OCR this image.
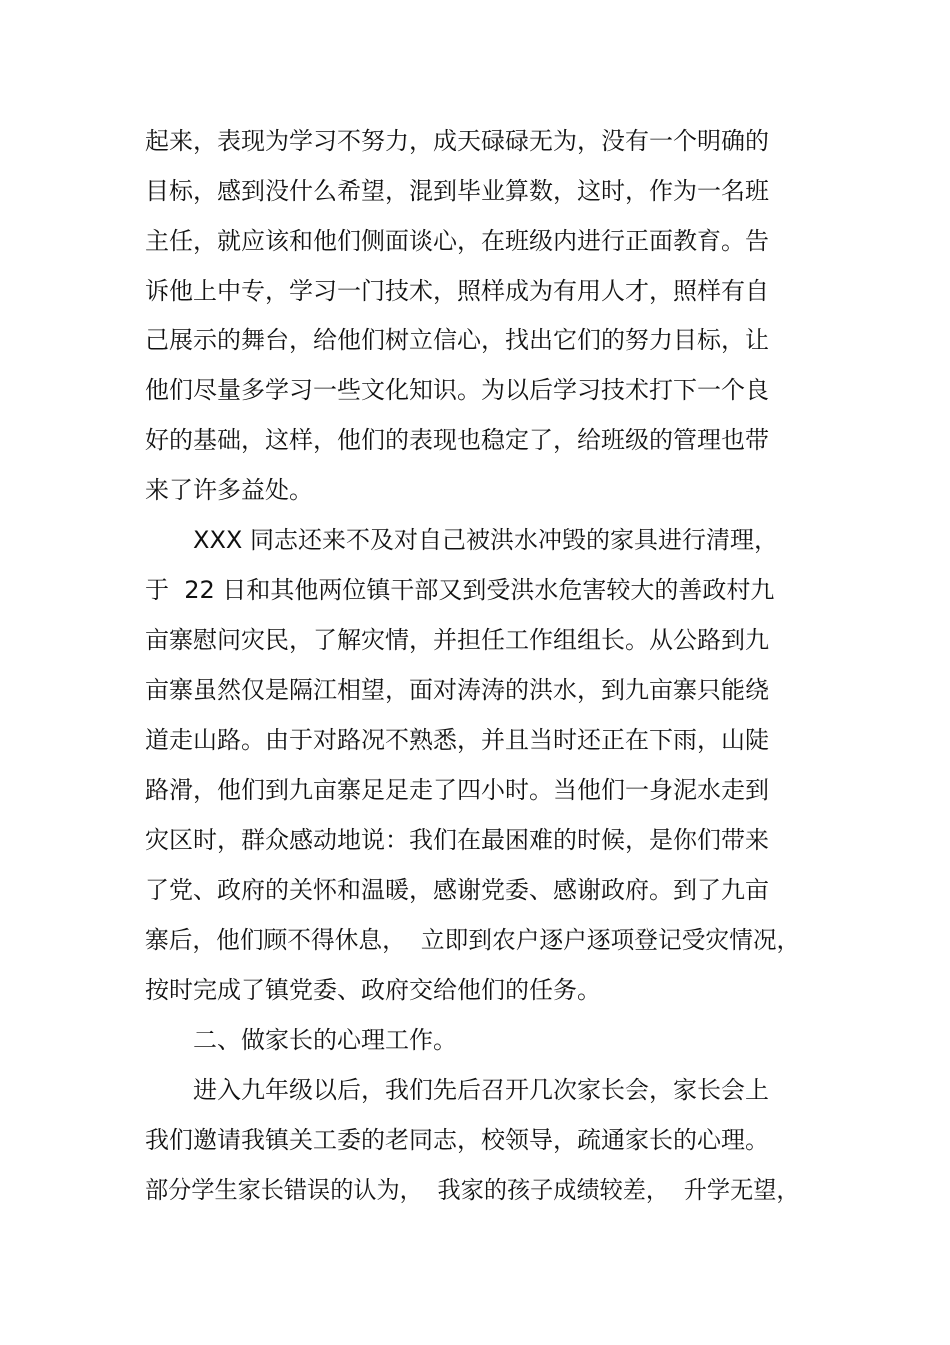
起来，表现为学习不努力，成天碌碌无为，没有一个明确的
目标，感到没什么希望，混到毕业算数，这时，作为一名班
主任，就应该和他们侧面谈心，在班级内进行正面教育。告
诉他上中专，学习一门技术，照样成为有用人才，照样有自
己展示的舞台，给他们树立信心，找出它们的努力目标，让
他们尽量多学习一些文化知识。为以后学习技术打下一个良
好的基础，这样，他们的表现也稳定了，给班级的管理也带
来了许多益处。
XXX 同志还来不及对自己被洪水冲毁的家具进行清理，
于  22 日和其他两位镇干部又到受洪水危害较大的善政村九
亩寨慰问灾民，了解灾情，并担任工作组组长。从公路到九
亩寨虽然仅是隔江相望，面对涛涛的洪水，到九亩寨只能绕
道走山路。由于对路况不熟悉，并且当时还正在下雨，山陡
路滑，他们到九亩寨足足走了四小时。当他们一身泥水走到
灾区时，群众感动地说：我们在最困难的时候，是你们带来
了党、政府的关怀和温暖，感谢党委、感谢政府。到了九亩
寨后，他们顾不得休息，  立即到农户逐户逐项登记受灾情况，
按时完成了镇党委、政府交给他们的任务。
二、做家长的心理工作。
进入九年级以后，我们先后召开几次家长会，家长会上
我们邀请我镇关工委的老同志，校领导，疏通家长的心理。
部分学生家长错误的认为，  我家的孩子成绩较差，  升学无望，
